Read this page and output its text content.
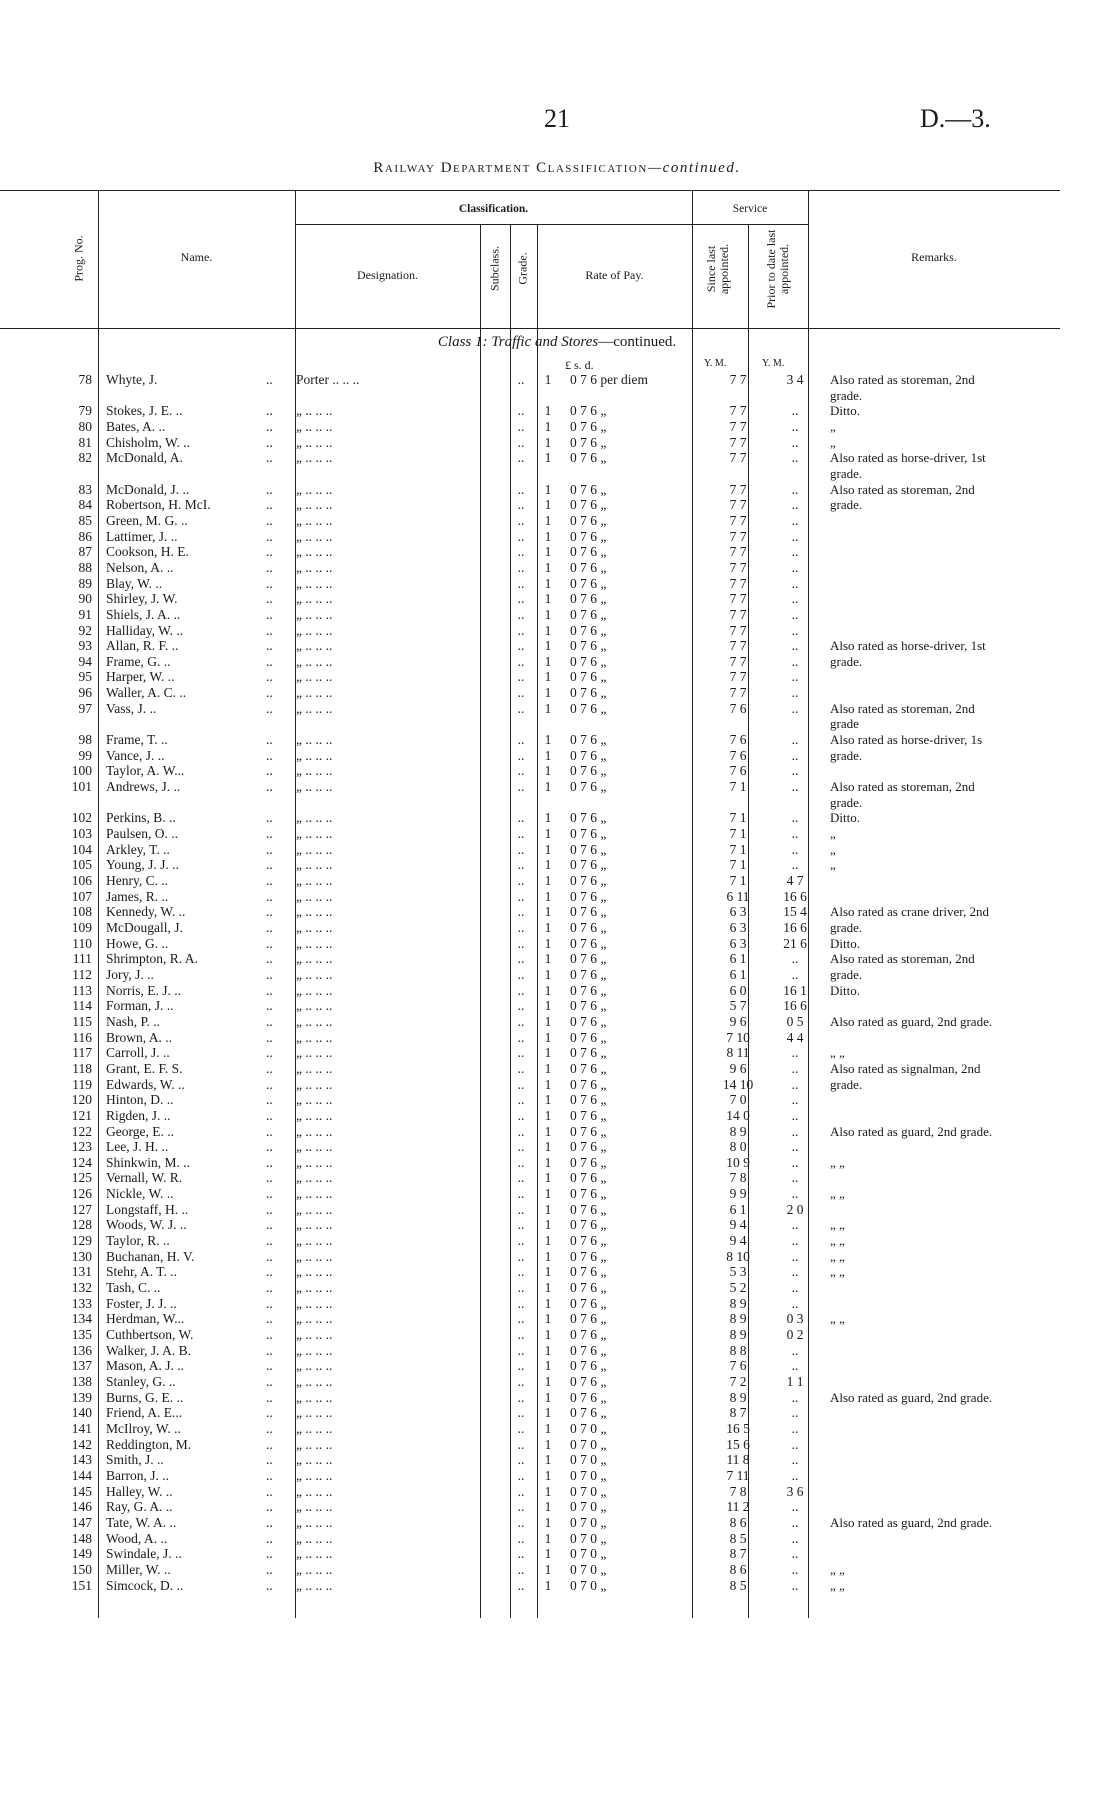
21	D.—3.
Railway Department Classification—continued.
Prog. No.	Name.
Classification.
Designation.	Subclass. Grade.	Rate of Pay.
Service
Since last appointed.	Prior to date last appointed.	Remarks.
Class 1: Traffic and Stores—continued.
£ s. d.	Y. M.	Y. M.
78	Whyte, J. ..	Porter .. .. ..	..	1	0 7 6 per diem	7 7	3 4	Also rated as storeman, 2nd

							grade.
79	Stokes, J. E. .. ..	„ .. .. ..	..	1	0 7 6 „	7 7	..	Ditto.
80	Bates, A. .. ..	„ .. .. ..	..	1	0 7 6 „	7 7	..	„
81	Chisholm, W. .. ..	„ .. .. ..	..	1	0 7 6 „	7 7	..	„
82	McDonald, A. ..	„ .. .. ..	..	1	0 7 6 „	7 7	..	Also rated as horse-driver, 1st

							grade.
83	McDonald, J. .. ..	„ .. .. ..	..	1	0 7 6 „	7 7	..	Also rated as storeman, 2nd
84	Robertson, H. McI. ..	„ .. .. ..	..	1	0 7 6 „	7 7	..	grade.
85	Green, M. G. .. ..	„ .. .. ..	..	1	0 7 6 „	7 7	..	
86	Lattimer, J. .. ..	„ .. .. ..	..	1	0 7 6 „	7 7	..	
87	Cookson, H. E. ..	„ .. .. ..	..	1	0 7 6 „	7 7	..	
88	Nelson, A. .. ..	„ .. .. ..	..	1	0 7 6 „	7 7	..	
89	Blay, W. .. ..	„ .. .. ..	..	1	0 7 6 „	7 7	..	
90	Shirley, J. W. ..	„ .. .. ..	..	1	0 7 6 „	7 7	..	
91	Shiels, J. A. .. ..	„ .. .. ..	..	1	0 7 6 „	7 7	..	
92	Halliday, W. .. ..	„ .. .. ..	..	1	0 7 6 „	7 7	..	
93	Allan, R. F. .. ..	„ .. .. ..	..	1	0 7 6 „	7 7	..	Also rated as horse-driver, 1st
94	Frame, G. .. ..	„ .. .. ..	..	1	0 7 6 „	7 7	..	grade.
95	Harper, W. .. ..	„ .. .. ..	..	1	0 7 6 „	7 7	..	
96	Waller, A. C. .. ..	„ .. .. ..	..	1	0 7 6 „	7 7	..	
97	Vass, J. .. ..	„ .. .. ..	..	1	0 7 6 „	7 6	..	Also rated as storeman, 2nd

							grade
98	Frame, T. .. ..	„ .. .. ..	..	1	0 7 6 „	7 6	..	Also rated as horse-driver, 1s
99	Vance, J. .. ..	„ .. .. ..	..	1	0 7 6 „	7 6	..	grade.
100	Taylor, A. W... ..	„ .. .. ..	..	1	0 7 6 „	7 6	..	
101	Andrews, J. .. ..	„ .. .. ..	..	1	0 7 6 „	7 1	..	Also rated as storeman, 2nd

							grade.
102	Perkins, B. .. ..	„ .. .. ..	..	1	0 7 6 „	7 1	..	Ditto.
103	Paulsen, O. .. ..	„ .. .. ..	..	1	0 7 6 „	7 1	..	„
104	Arkley, T. .. ..	„ .. .. ..	..	1	0 7 6 „	7 1	..	„
105	Young, J. J. .. ..	„ .. .. ..	..	1	0 7 6 „	7 1	..	„
106	Henry, C. .. ..	„ .. .. ..	..	1	0 7 6 „	7 1	4 7	
107	James, R. .. ..	„ .. .. ..	..	1	0 7 6 „	6 11	16 6	
108	Kennedy, W. .. ..	„ .. .. ..	..	1	0 7 6 „	6 3	15 4	Also rated as crane driver, 2nd
109	McDougall, J. ..	„ .. .. ..	..	1	0 7 6 „	6 3	16 6	grade.
110	Howe, G. .. ..	„ .. .. ..	..	1	0 7 6 „	6 3	21 6	Ditto.
111	Shrimpton, R. A. ..	„ .. .. ..	..	1	0 7 6 „	6 1	..	Also rated as storeman, 2nd
112	Jory, J. .. ..	„ .. .. ..	..	1	0 7 6 „	6 1	..	grade.
113	Norris, E. J. .. ..	„ .. .. ..	..	1	0 7 6 „	6 0	16 1	Ditto.
114	Forman, J. .. ..	„ .. .. ..	..	1	0 7 6 „	5 7	16 6	
115	Nash, P. .. ..	„ .. .. ..	..	1	0 7 6 „	9 6	0 5	Also rated as guard, 2nd grade.
116	Brown, A. .. ..	„ .. .. ..	..	1	0 7 6 „	7 10	4 4	
117	Carroll, J. .. ..	„ .. .. ..	..	1	0 7 6 „	8 11	..	„ „
118	Grant, E. F. S. ..	„ .. .. ..	..	1	0 7 6 „	9 6	..	Also rated as signalman, 2nd
119	Edwards, W. .. ..	„ .. .. ..	..	1	0 7 6 „	14 10	..	grade.
120	Hinton, D. .. ..	„ .. .. ..	..	1	0 7 6 „	7 0	..	
121	Rigden, J. .. ..	„ .. .. ..	..	1	0 7 6 „	14 0	..	
122	George, E. .. ..	„ .. .. ..	..	1	0 7 6 „	8 9	..	Also rated as guard, 2nd grade.
123	Lee, J. H. .. ..	„ .. .. ..	..	1	0 7 6 „	8 0	..	
124	Shinkwin, M. .. ..	„ .. .. ..	..	1	0 7 6 „	10 9	..	„ „
125	Vernall, W. R. ..	„ .. .. ..	..	1	0 7 6 „	7 8	..	
126	Nickle, W. .. ..	„ .. .. ..	..	1	0 7 6 „	9 9	..	„ „
127	Longstaff, H. .. ..	„ .. .. ..	..	1	0 7 6 „	6 1	2 0	
128	Woods, W. J. .. ..	„ .. .. ..	..	1	0 7 6 „	9 4	..	„ „
129	Taylor, R. .. ..	„ .. .. ..	..	1	0 7 6 „	9 4	..	„ „
130	Buchanan, H. V. ..	„ .. .. ..	..	1	0 7 6 „	8 10	..	„ „
131	Stehr, A. T. .. ..	„ .. .. ..	..	1	0 7 6 „	5 3	..	„ „
132	Tash, C. .. ..	„ .. .. ..	..	1	0 7 6 „	5 2	..	
133	Foster, J. J. .. ..	„ .. .. ..	..	1	0 7 6 „	8 9	..	
134	Herdman, W... ..	„ .. .. ..	..	1	0 7 6 „	8 9	0 3	„ „
135	Cuthbertson, W. ..	„ .. .. ..	..	1	0 7 6 „	8 9	0 2	
136	Walker, J. A. B. ..	„ .. .. ..	..	1	0 7 6 „	8 8	..	
137	Mason, A. J. .. ..	„ .. .. ..	..	1	0 7 6 „	7 6	..	
138	Stanley, G. .. ..	„ .. .. ..	..	1	0 7 6 „	7 2	1 1	
139	Burns, G. E. .. ..	„ .. .. ..	..	1	0 7 6 „	8 9	..	Also rated as guard, 2nd grade.
140	Friend, A. E... ..	„ .. .. ..	..	1	0 7 6 „	8 7	..	
141	McIlroy, W. .. ..	„ .. .. ..	..	1	0 7 0 „	16 5	..	
142	Reddington, M. ..	„ .. .. ..	..	1	0 7 0 „	15 6	..	
143	Smith, J. .. ..	„ .. .. ..	..	1	0 7 0 „	11 8	..	
144	Barron, J. .. ..	„ .. .. ..	..	1	0 7 0 „	7 11	..	
145	Halley, W. .. ..	„ .. .. ..	..	1	0 7 0 „	7 8	3 6	
146	Ray, G. A. .. ..	„ .. .. ..	..	1	0 7 0 „	11 2	..	
147	Tate, W. A. .. ..	„ .. .. ..	..	1	0 7 0 „	8 6	..	Also rated as guard, 2nd grade.
148	Wood, A. .. ..	„ .. .. ..	..	1	0 7 0 „	8 5	..	
149	Swindale, J. .. ..	„ .. .. ..	..	1	0 7 0 „	8 7	..	
150	Miller, W. .. ..	„ .. .. ..	..	1	0 7 0 „	8 6	..	„ „
151	Simcock, D. .. ..	„ .. .. ..	..	1	0 7 0 „	8 5	..	„ „
